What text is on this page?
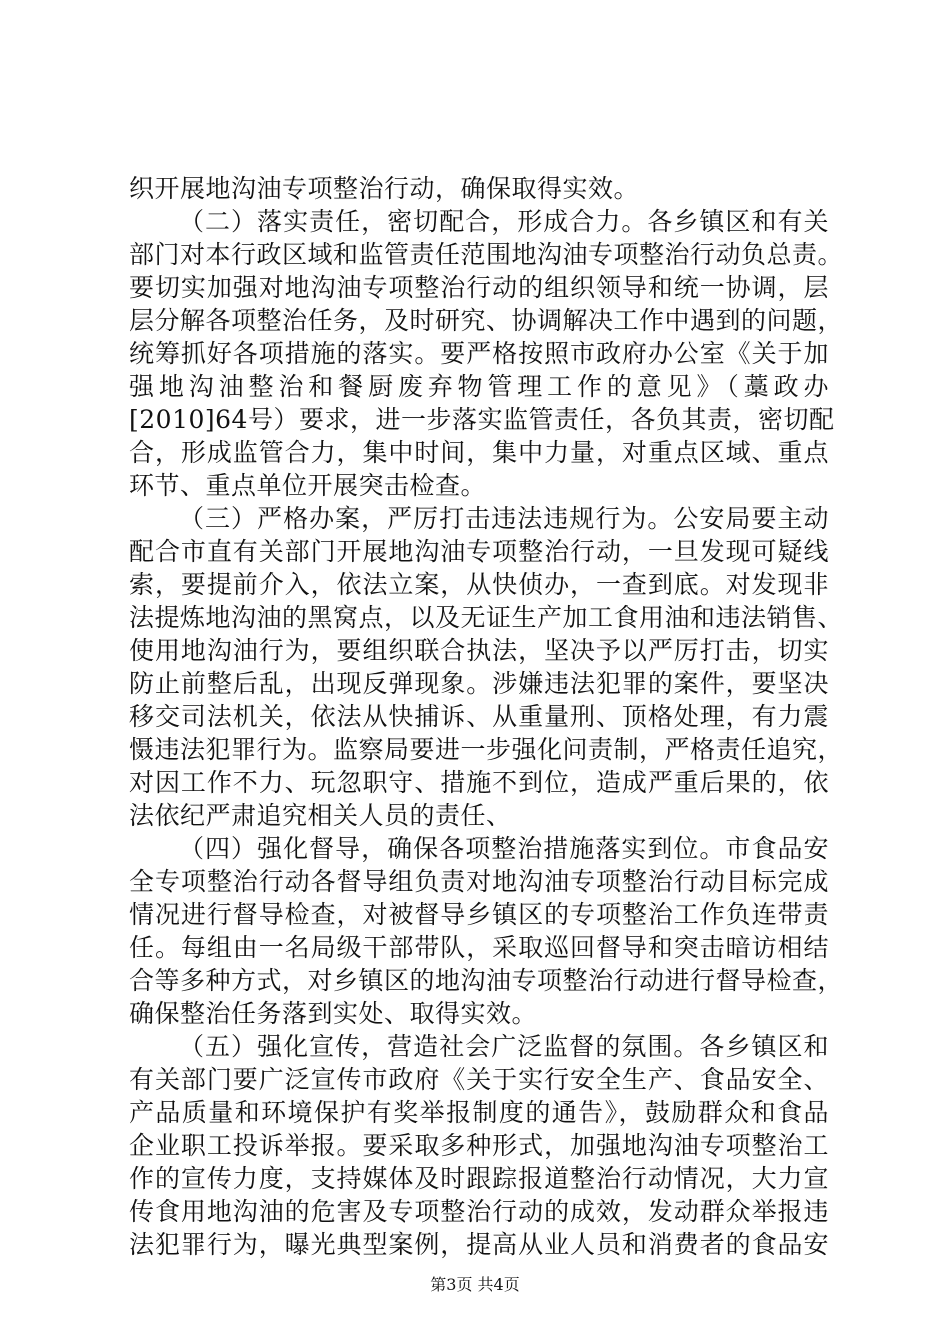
织开展地沟油专项整治行动，确保取得实效。
（二）落实责任，密切配合，形成合力。各乡镇区和有关
部门对本行政区域和监管责任范围地沟油专项整治行动负总责。
要切实加强对地沟油专项整治行动的组织领导和统一协调，层
层分解各项整治任务，及时研究、协调解决工作中遇到的问题，
统筹抓好各项措施的落实。要严格按照市政府办公室《关于加
强地沟油整治和餐厨废弃物管理工作的意见》（藁政办
[2010]64号）要求，进一步落实监管责任，各负其责，密切配
合，形成监管合力，集中时间，集中力量，对重点区域、重点
环节、重点单位开展突击检查。
（三）严格办案，严厉打击违法违规行为。公安局要主动
配合市直有关部门开展地沟油专项整治行动，一旦发现可疑线
索，要提前介入，依法立案，从快侦办，一查到底。对发现非
法提炼地沟油的黑窝点，以及无证生产加工食用油和违法销售、
使用地沟油行为，要组织联合执法，坚决予以严厉打击，切实
防止前整后乱，出现反弹现象。涉嫌违法犯罪的案件，要坚决
移交司法机关，依法从快捕诉、从重量刑、顶格处理，有力震
慑违法犯罪行为。监察局要进一步强化问责制，严格责任追究，
对因工作不力、玩忽职守、措施不到位，造成严重后果的，依
法依纪严肃追究相关人员的责任、
（四）强化督导，确保各项整治措施落实到位。市食品安
全专项整治行动各督导组负责对地沟油专项整治行动目标完成
情况进行督导检查，对被督导乡镇区的专项整治工作负连带责
任。每组由一名局级干部带队，采取巡回督导和突击暗访相结
合等多种方式，对乡镇区的地沟油专项整治行动进行督导检查，
确保整治任务落到实处、取得实效。
（五）强化宣传，营造社会广泛监督的氛围。各乡镇区和
有关部门要广泛宣传市政府《关于实行安全生产、食品安全、
产品质量和环境保护有奖举报制度的通告》，鼓励群众和食品
企业职工投诉举报。要采取多种形式，加强地沟油专项整治工
作的宣传力度，支持媒体及时跟踪报道整治行动情况，大力宣
传食用地沟油的危害及专项整治行动的成效，发动群众举报违
法犯罪行为，曝光典型案例，提高从业人员和消费者的食品安
第3页 共4页
